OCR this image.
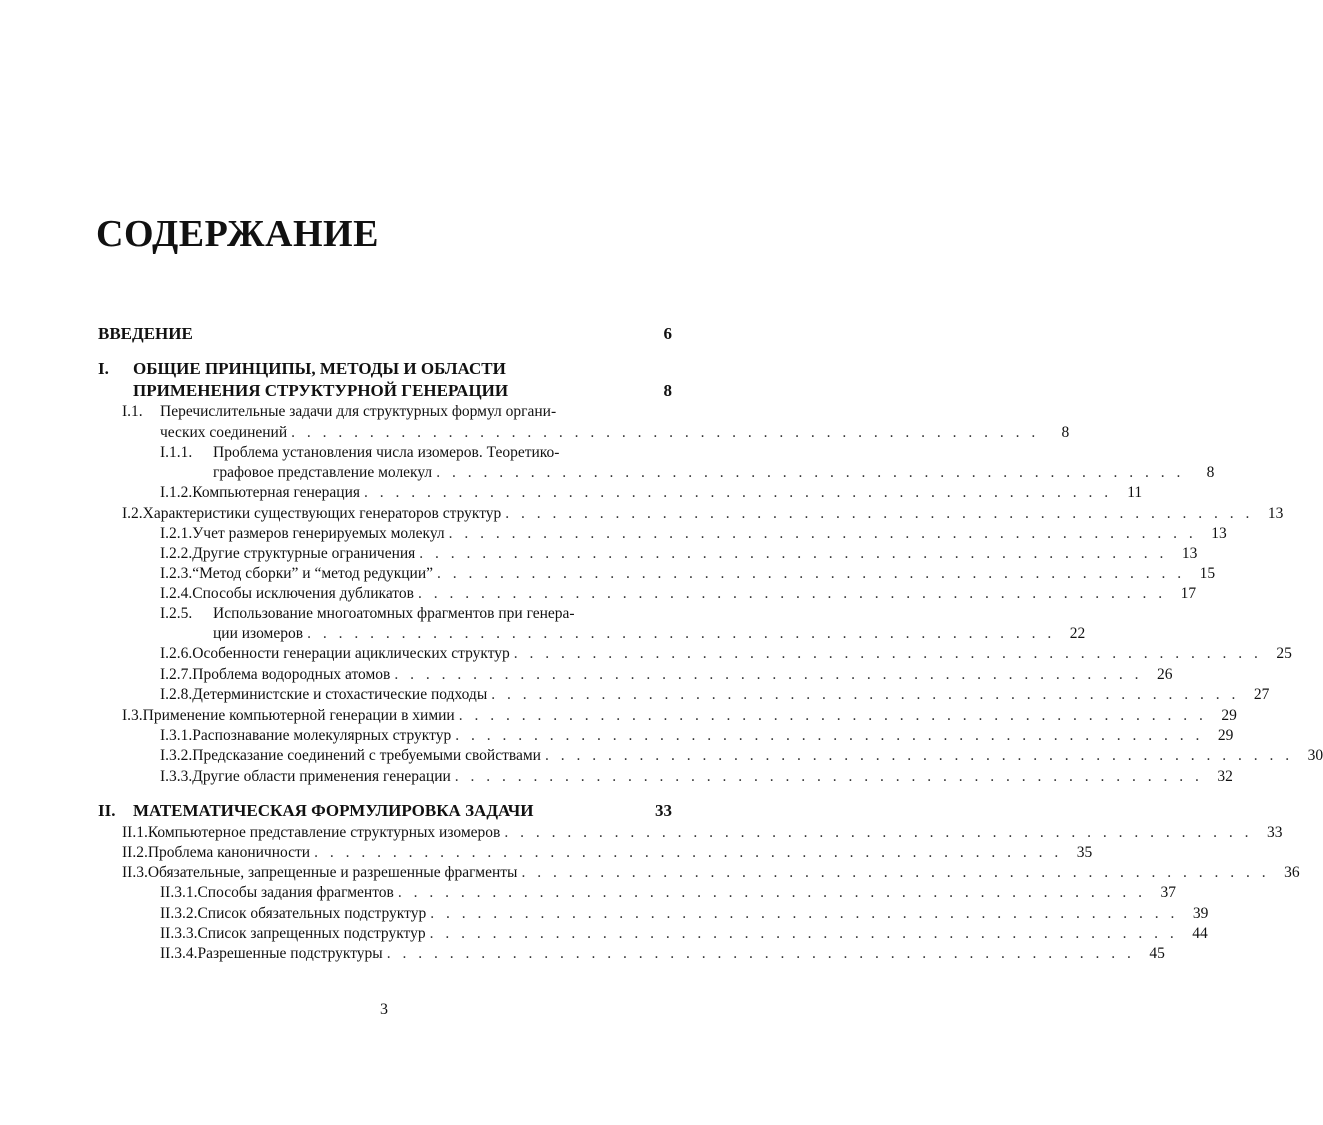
СОДЕРЖАНИЕ
ВВЕДЕНИЕ	6
I.	ОБЩИЕ ПРИНЦИПЫ, МЕТОДЫ И ОБЛАСТИ
ПРИМЕНЕНИЯ СТРУКТУРНОЙ ГЕНЕРАЦИИ	8
I.1.	Перечислительные задачи для структурных формул органи-
ческих соединений . . . . . . . . . . . . . . . . . . . . . . . . . . . . . . . . . . . . . . . . . . . . . . . .	8
I.1.1.	Проблема установления числа изомеров. Теоретико-
графовое представление молекул . . . . . . . . . . . . . . . . . . . . . . . . . . . . . . . . . . . . . . . . . . . . . . . .	8
I.1.2. Компьютерная генерация . . . . . . . . . . . . . . . . . . . . . . . . . . . . . . . . . . . . . . . . . . . . . . . . 11
I.2. Характеристики существующих генераторов структур . . . . . . . . . . . . . . . . . . . . . . . . . . . . . . . . . . . . . . . . . . . . . . . . 13
I.2.1. Учет размеров генерируемых молекул . . . . . . . . . . . . . . . . . . . . . . . . . . . . . . . . . . . . . . . . . . . . . . . . 13
I.2.2. Другие структурные ограничения . . . . . . . . . . . . . . . . . . . . . . . . . . . . . . . . . . . . . . . . . . . . . . . . 13
I.2.3. “Метод сборки” и “метод редукции” . . . . . . . . . . . . . . . . . . . . . . . . . . . . . . . . . . . . . . . . . . . . . . . . 15
I.2.4. Способы исключения дубликатов . . . . . . . . . . . . . . . . . . . . . . . . . . . . . . . . . . . . . . . . . . . . . . . . 17
I.2.5.	Использование многоатомных фрагментов при генера-
ции изомеров . . . . . . . . . . . . . . . . . . . . . . . . . . . . . . . . . . . . . . . . . . . . . . . . 22
I.2.6. Особенности генерации ациклических структур . . . . . . . . . . . . . . . . . . . . . . . . . . . . . . . . . . . . . . . . . . . . . . . . 25
I.2.7. Проблема водородных атомов . . . . . . . . . . . . . . . . . . . . . . . . . . . . . . . . . . . . . . . . . . . . . . . . 26
I.2.8. Детерминистские и стохастические подходы . . . . . . . . . . . . . . . . . . . . . . . . . . . . . . . . . . . . . . . . . . . . . . . . 27
I.3. Применение компьютерной генерации в химии . . . . . . . . . . . . . . . . . . . . . . . . . . . . . . . . . . . . . . . . . . . . . . . . 29
I.3.1. Распознавание молекулярных структур . . . . . . . . . . . . . . . . . . . . . . . . . . . . . . . . . . . . . . . . . . . . . . . . 29
I.3.2. Предсказание соединений с требуемыми свойствами . . . . . . . . . . . . . . . . . . . . . . . . . . . . . . . . . . . . . . . . . . . . . . . . 30
I.3.3. Другие области применения генерации . . . . . . . . . . . . . . . . . . . . . . . . . . . . . . . . . . . . . . . . . . . . . . . . 32
II.	МАТЕМАТИЧЕСКАЯ ФОРМУЛИРОВКА ЗАДАЧИ	33
II.1. Компьютерное представление структурных изомеров . . . . . . . . . . . . . . . . . . . . . . . . . . . . . . . . . . . . . . . . . . . . . . . . 33
II.2. Проблема каноничности . . . . . . . . . . . . . . . . . . . . . . . . . . . . . . . . . . . . . . . . . . . . . . . . 35
II.3. Обязательные, запрещенные и разрешенные фрагменты . . . . . . . . . . . . . . . . . . . . . . . . . . . . . . . . . . . . . . . . . . . . . . . . 36
II.3.1. Способы задания фрагментов . . . . . . . . . . . . . . . . . . . . . . . . . . . . . . . . . . . . . . . . . . . . . . . . 37
II.3.2. Список обязательных подструктур . . . . . . . . . . . . . . . . . . . . . . . . . . . . . . . . . . . . . . . . . . . . . . . . 39
II.3.3. Список запрещенных подструктур . . . . . . . . . . . . . . . . . . . . . . . . . . . . . . . . . . . . . . . . . . . . . . . . 44
II.3.4. Разрешенные подструктуры . . . . . . . . . . . . . . . . . . . . . . . . . . . . . . . . . . . . . . . . . . . . . . . . 45
3
